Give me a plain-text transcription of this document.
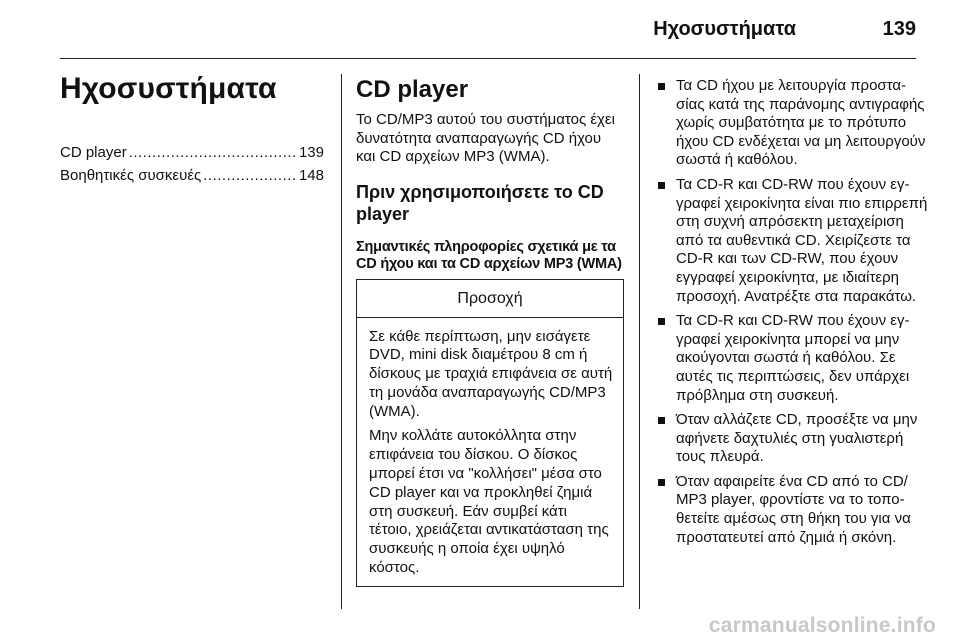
Ηχοσυστήματα	139
Ηχοσυστήματα
CD player .....	139
Βοηθητικές συσκευές .....	148
CD player

Το CD/MP3 αυτού του συστήματος έχει δυνατότητα αναπαραγωγής CD ήχου και CD αρχείων MP3 (WMA).

Πριν χρησιμοποιήσετε το CD player
Σημαντικές πληροφορίες σχετικά με τα CD ήχου και τα CD αρχείων MP3 (WMA)
Προσοχή

Σε κάθε περίπτωση, μην εισάγετε DVD, mini disk διαμέτρου 8 cm ή δίσκους με τραχιά επιφάνεια σε αυτή τη μονάδα αναπαραγωγής CD/MP3 (WMA).

Μην κολλάτε αυτοκόλλητα στην επιφάνεια του δίσκου. Ο δίσκος μπορεί έτσι να "κολλήσει" μέσα στο CD player και να προκληθεί ζημιά στη συσκευή. Εάν συμβεί κάτι τέτοιο, χρειάζεται αντικατάσταση της συσκευής η οποία έχει υψηλό κόστος.

Τα CD ήχου με λειτουργία προστασίας κατά της παράνομης αντιγραφής χωρίς συμβατότητα με το πρότυπο ήχου CD ενδέχεται να μη λειτουργούν σωστά ή καθόλου.
Τα CD-R και CD-RW που έχουν εγγραφεί χειροκίνητα είναι πιο επιρρεπή στη συχνή απρόσεκτη μεταχείριση από τα αυθεντικά CD. Χειρίζεστε τα CD-R και των CD-RW, που έχουν εγγραφεί χειροκίνητα, με ιδιαίτερη προσοχή. Ανατρέξτε στα παρακάτω.
Τα CD-R και CD-RW που έχουν εγγραφεί χειροκίνητα μπορεί να μην ακούγονται σωστά ή καθόλου. Σε αυτές τις περιπτώσεις, δεν υπάρχει πρόβλημα στη συσκευή.
Όταν αλλάζετε CD, προσέξτε να μην αφήνετε δαχτυλιές στη γυαλιστερή τους πλευρά.
Όταν αφαιρείτε ένα CD από το CD/ MP3 player, φροντίστε να το τοποθετείτε αμέσως στη θήκη του για να προστατευτεί από ζημιά ή σκόνη.
carmanualsonline.info
